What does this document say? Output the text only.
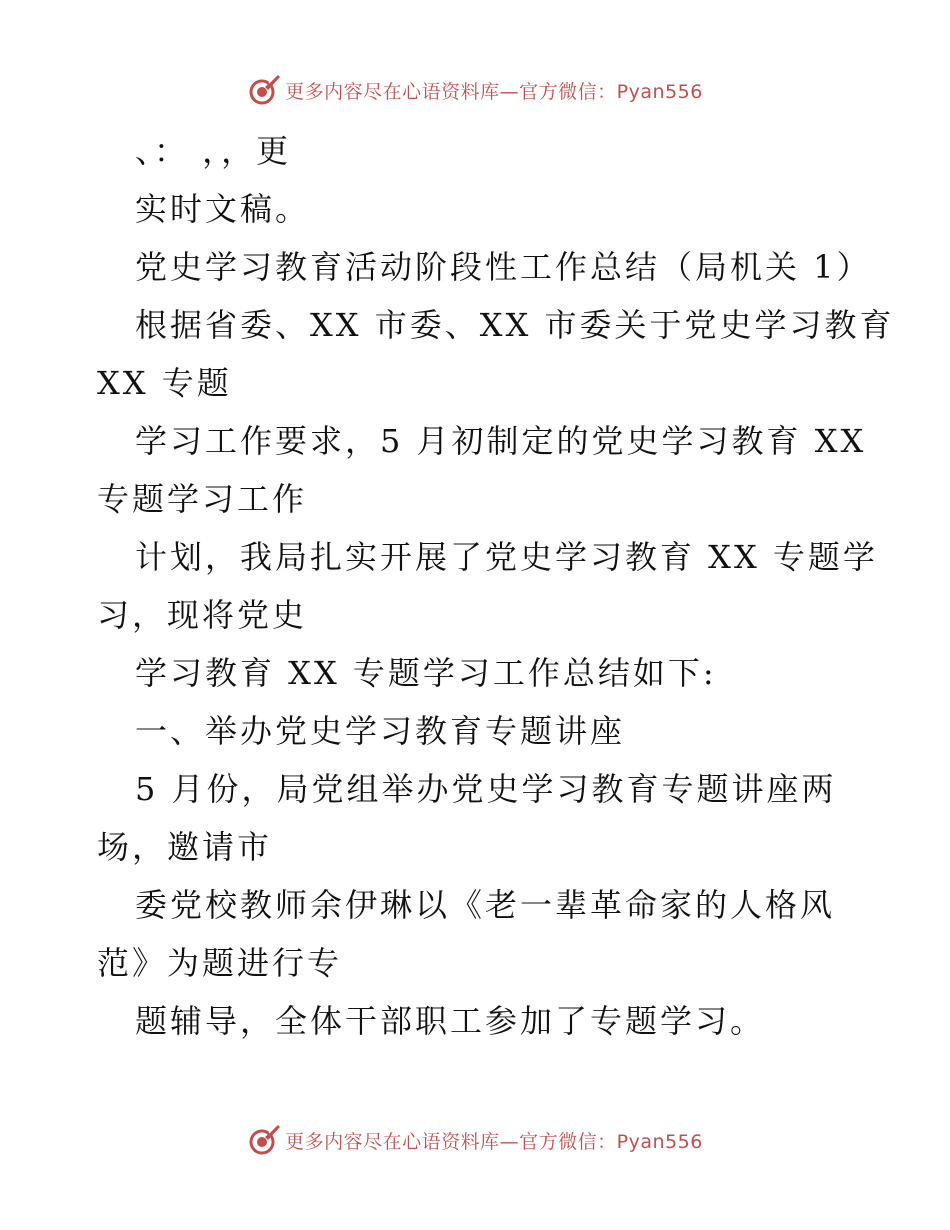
更多内容尽在心语资料库—官方微信：Pyan556
、： ，，更
实时文稿。
党史学习教育活动阶段性工作总结（局机关 1）
根据省委、XX 市委、XX 市委关于党史学习教育
XX 专题
学习工作要求，5 月初制定的党史学习教育 XX
专题学习工作
计划，我局扎实开展了党史学习教育 XX 专题学
习，现将党史
学习教育 XX 专题学习工作总结如下:
一、举办党史学习教育专题讲座
5 月份，局党组举办党史学习教育专题讲座两
场，邀请市
委党校教师余伊琳以《老一辈革命家的人格风
范》为题进行专
题辅导，全体干部职工参加了专题学习。
更多内容尽在心语资料库—官方微信：Pyan556
